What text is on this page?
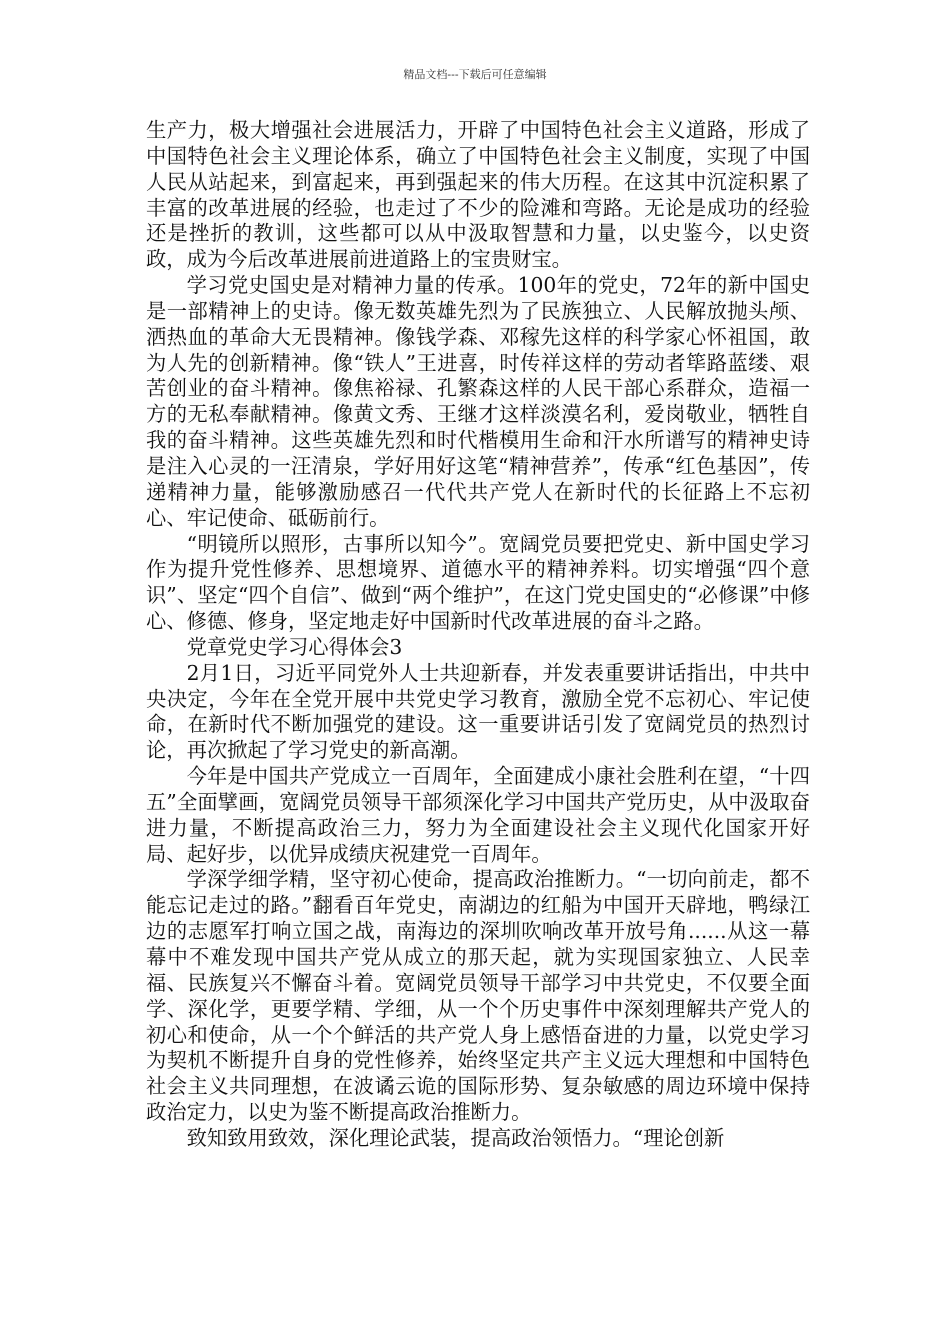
精品文档---下载后可任意编辑

生产力，极大增强社会进展活力，开辟了中国特色社会主义道路，形成了中国特色社会主义理论体系，确立了中国特色社会主义制度，实现了中国人民从站起来，到富起来，再到强起来的伟大历程。在这其中沉淀积累了丰富的改革进展的经验，也走过了不少的险滩和弯路。无论是成功的经验还是挫折的教训，这些都可以从中汲取智慧和力量，以史鉴今，以史资政，成为今后改革进展前进道路上的宝贵财宝。

学习党史国史是对精神力量的传承。100年的党史，72年的新中国史是一部精神上的史诗。像无数英雄先烈为了民族独立、人民解放抛头颅、洒热血的革命大无畏精神。像钱学森、邓稼先这样的科学家心怀祖国，敢为人先的创新精神。像“铁人”王进喜，时传祥这样的劳动者筚路蓝缕、艰苦创业的奋斗精神。像焦裕禄、孔繁森这样的人民干部心系群众，造福一方的无私奉献精神。像黄文秀、王继才这样淡漠名利，爱岗敬业，牺牲自我的奋斗精神。这些英雄先烈和时代楷模用生命和汗水所谱写的精神史诗是注入心灵的一汪清泉，学好用好这笔“精神营养”，传承“红色基因”，传递精神力量，能够激励感召一代代共产党人在新时代的长征路上不忘初心、牢记使命、砥砺前行。

“明镜所以照形，古事所以知今”。宽阔党员要把党史、新中国史学习作为提升党性修养、思想境界、道德水平的精神养料。切实增强“四个意识”、坚定“四个自信”、做到“两个维护”，在这门党史国史的“必修课”中修心、修德、修身，坚定地走好中国新时代改革进展的奋斗之路。

党章党史学习心得体会3

2月1日，习近平同党外人士共迎新春，并发表重要讲话指出，中共中央决定，今年在全党开展中共党史学习教育，激励全党不忘初心、牢记使命，在新时代不断加强党的建设。这一重要讲话引发了宽阔党员的热烈讨论，再次掀起了学习党史的新高潮。

今年是中国共产党成立一百周年，全面建成小康社会胜利在望，“十四五”全面擘画，宽阔党员领导干部须深化学习中国共产党历史，从中汲取奋进力量，不断提高政治三力，努力为全面建设社会主义现代化国家开好局、起好步，以优异成绩庆祝建党一百周年。

学深学细学精，坚守初心使命，提高政治推断力。“一切向前走，都不能忘记走过的路。”翻看百年党史，南湖边的红船为中国开天辟地，鸭绿江边的志愿军打响立国之战，南海边的深圳吹响改革开放号角......从这一幕幕中不难发现中国共产党从成立的那天起，就为实现国家独立、人民幸福、民族复兴不懈奋斗着。宽阔党员领导干部学习中共党史，不仅要全面学、深化学，更要学精、学细，从一个个历史事件中深刻理解共产党人的初心和使命，从一个个鲜活的共产党人身上感悟奋进的力量，以党史学习为契机不断提升自身的党性修养，始终坚定共产主义远大理想和中国特色社会主义共同理想，在波谲云诡的国际形势、复杂敏感的周边环境中保持政治定力，以史为鉴不断提高政治推断力。

致知致用致效，深化理论武装，提高政治领悟力。“理论创新
